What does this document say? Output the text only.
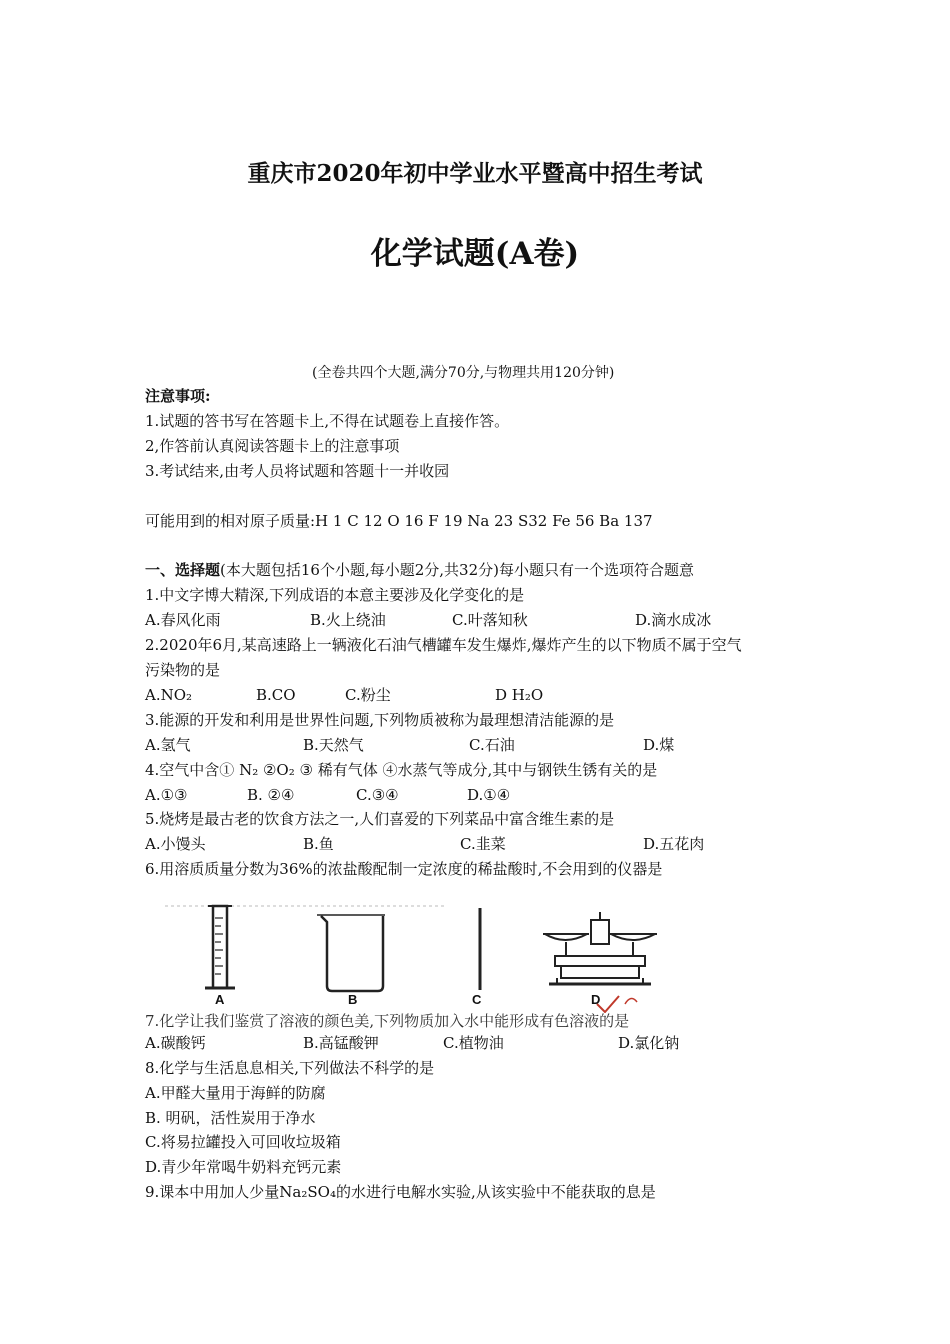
重庆市2020年初中学业水平暨高中招生考试
化学试题(A卷)
(全卷共四个大题,满分70分,与物理共用120分钟)
注意事项:
1.试题的答书写在答题卡上,不得在试题卷上直接作答。
2,作答前认真阅读答题卡上的注意事项
3.考试结来,由考人员将试题和答题十一并收园
可能用到的相对原子质量:H 1 C 12 O 16 F 19 Na 23 S32 Fe 56 Ba 137
一、选择题(本大题包括16个小题,每小题2分,共32分)每小题只有一个选项符合题意
1.中文字博大精深,下列成语的本意主要涉及化学变化的是
A.春风化雨	B.火上绕油	C.叶落知秋	D.滴水成冰
2.2020年6月,某高速路上一辆液化石油气槽罐车发生爆炸,爆炸产生的以下物质不属于空气
污染物的是
A.NO₂	B.CO	C.粉尘	D H₂O
3.能源的开发和利用是世界性问题,下列物质被称为最理想清洁能源的是
A.氢气	B.天然气	C.石油	D.煤
4.空气中含① N₂ ②O₂ ③ 稀有气体 ④水蒸气等成分,其中与钢铁生锈有关的是
A.①③	B. ②④	C.③④	D.①④
5.烧烤是最古老的饮食方法之一,人们喜爱的下列菜品中富含维生素的是
A.小馒头	B.鱼	C.韭菜	D.五花肉
6.用溶质质量分数为36%的浓盐酸配制一定浓度的稀盐酸时,不会用到的仪器是
A	B	C	D
7.化学让我们鉴赏了溶液的颜色美,下列物质加入水中能形成有色溶液的是
A.碳酸钙	B.高锰酸钾	C.植物油	D.氯化钠
8.化学与生活息息相关,下列做法不科学的是
A.甲醛大量用于海鲜的防腐
B. 明矾，活性炭用于净水
C.将易拉罐投入可回收垃圾箱
D.青少年常喝牛奶料充钙元素
9.课本中用加人少量Na₂SO₄的水进行电解水实验,从该实验中不能获取的息是
